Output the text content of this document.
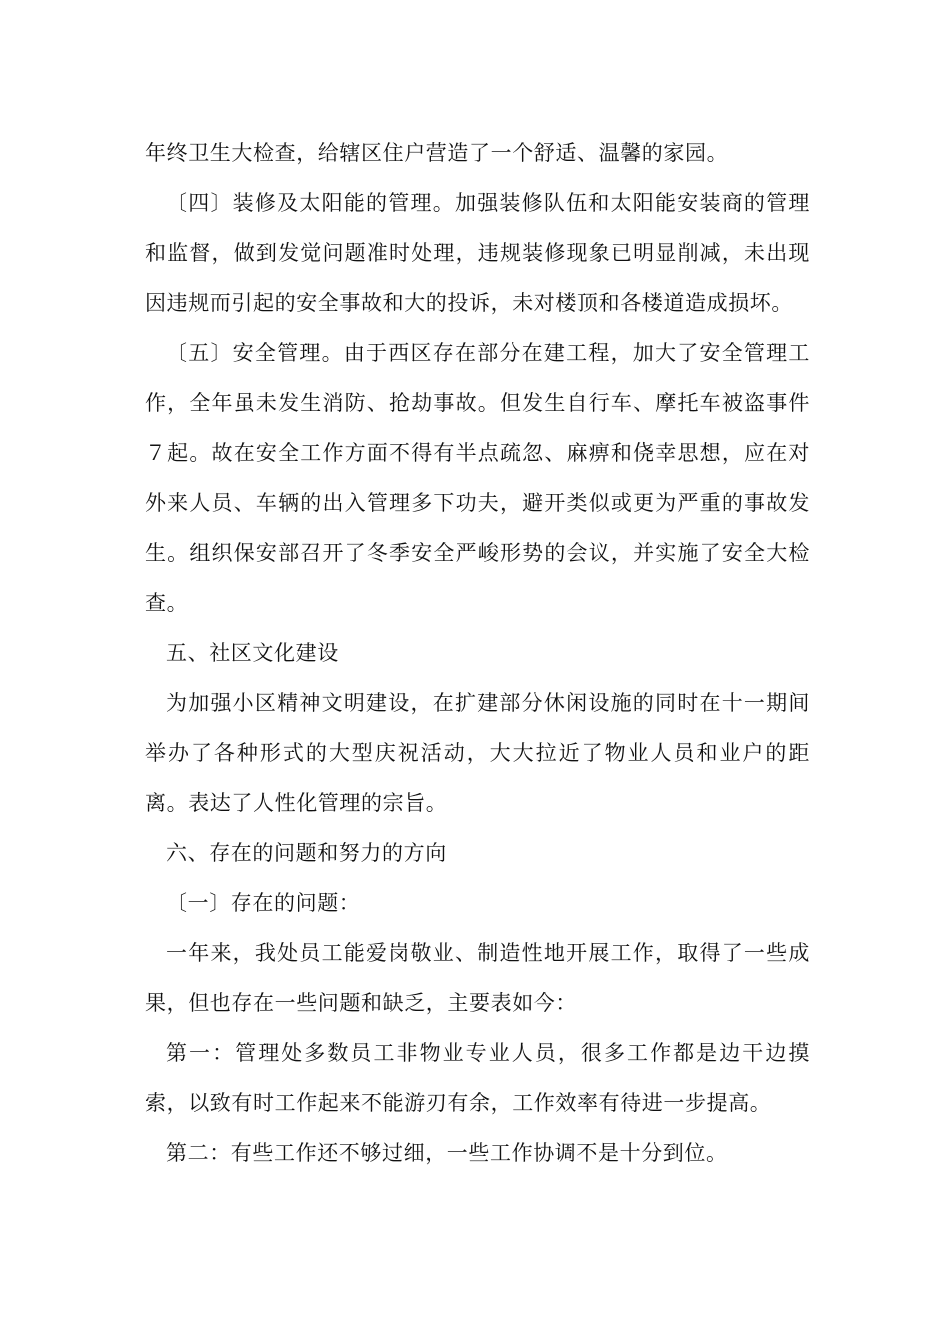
年终卫生大检查，给辖区住户营造了一个舒适、温馨的家园。

〔四〕装修及太阳能的管理。加强装修队伍和太阳能安装商的管理和监督，做到发觉问题准时处理，违规装修现象已明显削减，未出现因违规而引起的安全事故和大的投诉，未对楼顶和各楼道造成损坏。

〔五〕安全管理。由于西区存在部分在建工程，加大了安全管理工作，全年虽未发生消防、抢劫事故。但发生自行车、摩托车被盗事件７起。故在安全工作方面不得有半点疏忽、麻痹和侥幸思想，应在对外来人员、车辆的出入管理多下功夫，避开类似或更为严重的事故发生。组织保安部召开了冬季安全严峻形势的会议，并实施了安全大检查。

五、社区文化建设

为加强小区精神文明建设，在扩建部分休闲设施的同时在十一期间举办了各种形式的大型庆祝活动，大大拉近了物业人员和业户的距离。表达了人性化管理的宗旨。

六、存在的问题和努力的方向

〔一〕存在的问题：

一年来，我处员工能爱岗敬业、制造性地开展工作，取得了一些成果，但也存在一些问题和缺乏，主要表如今：

第一：管理处多数员工非物业专业人员，很多工作都是边干边摸索，以致有时工作起来不能游刃有余，工作效率有待进一步提高。

第二：有些工作还不够过细，一些工作协调不是十分到位。
